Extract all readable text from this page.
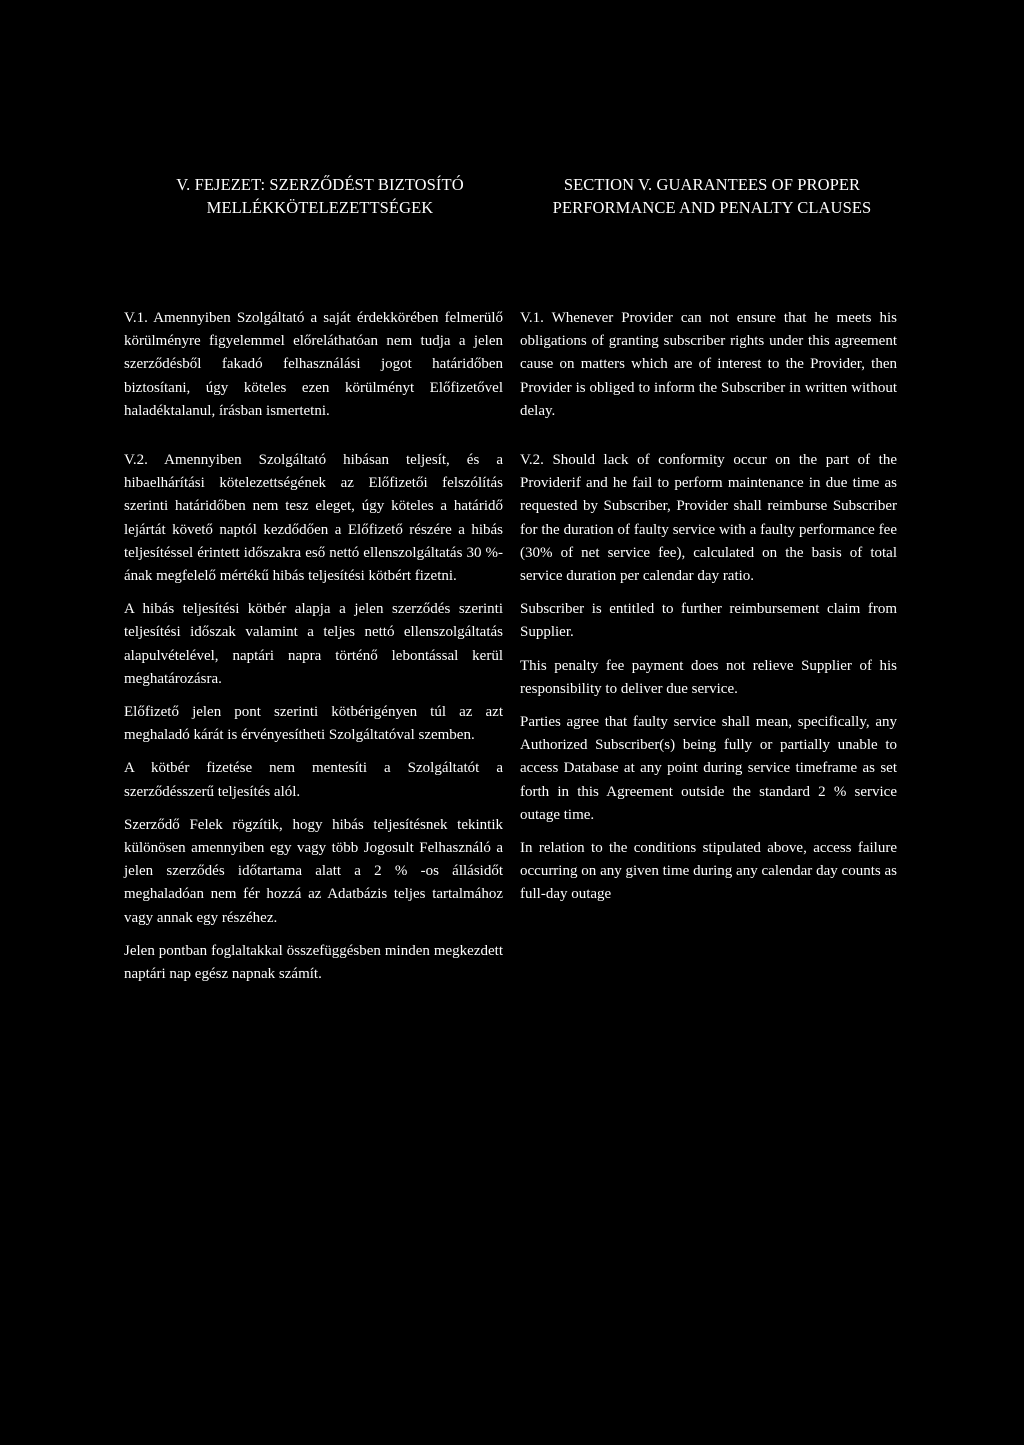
V. FEJEZET: SZERZŐDÉST BIZTOSÍTÓ MELLÉKKÖTELEZETTSÉGEK
SECTION V. GUARANTEES OF PROPER PERFORMANCE AND PENALTY CLAUSES

V.1. Amennyiben Szolgáltató a saját érdekkörében felmerülő körülményre figyelemmel előreláthatóan nem tudja a jelen szerződésből fakadó felhasználási jogot határidőben biztosítani, úgy köteles ezen körülményt Előfizetővel haladéktalanul, írásban ismertetni.

V.2. Amennyiben Szolgáltató hibásan teljesít, és a hibaelhárítási kötelezettségének az Előfizetői felszólítás szerinti határidőben nem tesz eleget, úgy köteles a határidő lejártát követő naptól kezdődően a Előfizető részére a hibás teljesítéssel érintett időszakra eső nettó ellenszolgáltatás 30 %-ának megfelelő mértékű hibás teljesítési kötbért fizetni.

A hibás teljesítési kötbér alapja a jelen szerződés szerinti teljesítési időszak valamint a teljes nettó ellenszolgáltatás alapulvételével, naptári napra történő lebontással kerül meghatározásra.

Előfizető jelen pont szerinti kötbérigényen túl az azt meghaladó kárát is érvényesítheti Szolgáltatóval szemben.

A kötbér fizetése nem mentesíti a Szolgáltatót a szerződésszerű teljesítés alól.

Szerződő Felek rögzítik, hogy hibás teljesítésnek tekintik különösen amennyiben egy vagy több Jogosult Felhasználó a jelen szerződés időtartama alatt a 2 % -os állásidőt meghaladóan nem fér hozzá az Adatbázis teljes tartalmához vagy annak egy részéhez.

Jelen pontban foglaltakkal összefüggésben minden megkezdett naptári nap egész napnak számít.

V.1. Whenever Provider can not ensure that he meets his obligations of granting subscriber rights under this agreement cause on matters which are of interest to the Provider, then Provider is obliged to inform the Subscriber in written without delay.

V.2. Should lack of conformity occur on the part of the Providerif and he fail to perform maintenance in due time as requested by Subscriber, Provider shall reimburse Subscriber for the duration of faulty service with a faulty performance fee (30% of net service fee), calculated on the basis of total service duration per calendar day ratio.

Subscriber is entitled to further reimbursement claim from Supplier.

This penalty fee payment does not relieve Supplier of his responsibility to deliver due service.

Parties agree that faulty service shall mean, specifically, any Authorized Subscriber(s) being fully or partially unable to access Database at any point during service timeframe as set forth in this Agreement outside the standard 2 % service outage time.

In relation to the conditions stipulated above, access failure occurring on any given time during any calendar day counts as full-day outage
